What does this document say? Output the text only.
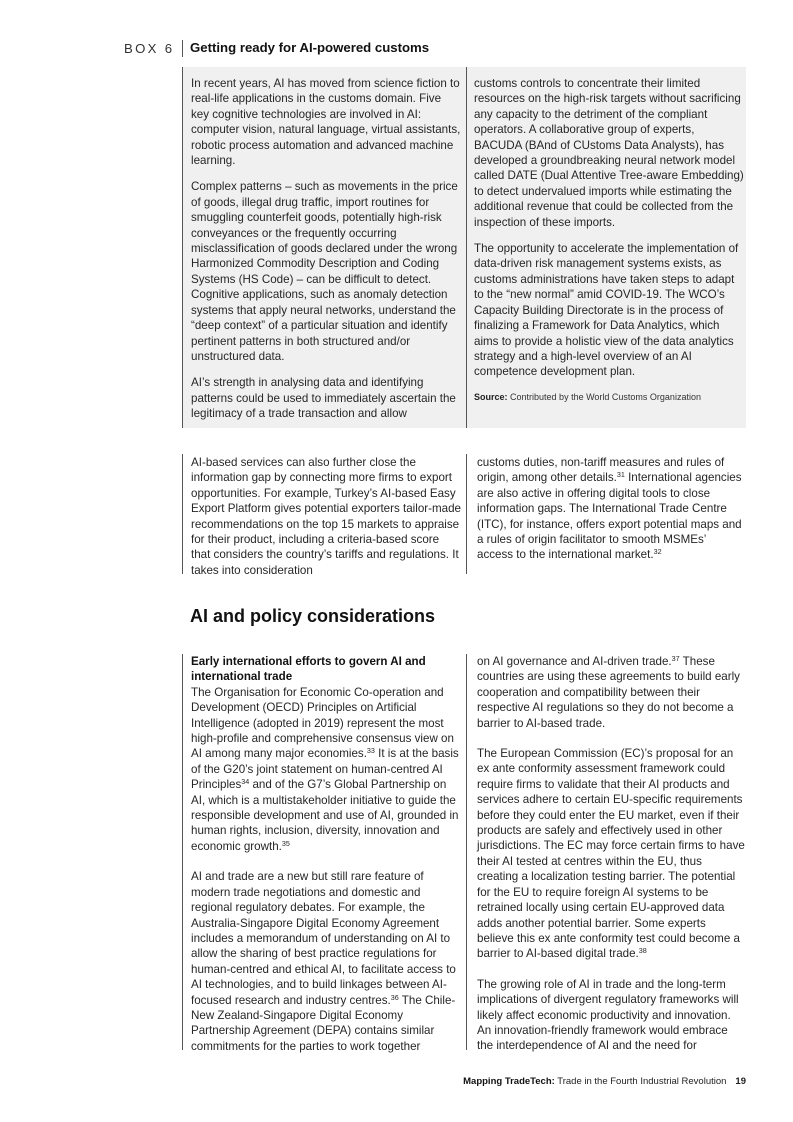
BOX 6 Getting ready for AI-powered customs

In recent years, AI has moved from science fiction to real-life applications in the customs domain. Five key cognitive technologies are involved in AI: computer vision, natural language, virtual assistants, robotic process automation and advanced machine learning.

Complex patterns – such as movements in the price of goods, illegal drug traffic, import routines for smuggling counterfeit goods, potentially high-risk conveyances or the frequently occurring misclassification of goods declared under the wrong Harmonized Commodity Description and Coding Systems (HS Code) – can be difficult to detect. Cognitive applications, such as anomaly detection systems that apply neural networks, understand the “deep context” of a particular situation and identify pertinent patterns in both structured and/or unstructured data.

AI’s strength in analysing data and identifying patterns could be used to immediately ascertain the legitimacy of a trade transaction and allow

customs controls to concentrate their limited resources on the high-risk targets without sacrificing any capacity to the detriment of the compliant operators. A collaborative group of experts, BACUDA (BAnd of CUstoms Data Analysts), has developed a groundbreaking neural network model called DATE (Dual Attentive Tree-aware Embedding) to detect undervalued imports while estimating the additional revenue that could be collected from the inspection of these imports.

The opportunity to accelerate the implementation of data-driven risk management systems exists, as customs administrations have taken steps to adapt to the “new normal” amid COVID-19. The WCO’s Capacity Building Directorate is in the process of finalizing a Framework for Data Analytics, which aims to provide a holistic view of the data analytics strategy and a high-level overview of an AI competence development plan.

Source: Contributed by the World Customs Organization

AI-based services can also further close the information gap by connecting more firms to export opportunities. For example, Turkey’s AI-based Easy Export Platform gives potential exporters tailor-made recommendations on the top 15 markets to appraise for their product, including a criteria-based score that considers the country’s tariffs and regulations. It takes into consideration

customs duties, non-tariff measures and rules of origin, among other details.$^{31}$ International agencies are also active in offering digital tools to close information gaps. The International Trade Centre (ITC), for instance, offers export potential maps and a rules of origin facilitator to smooth MSMEs’ access to the international market.$^{32}$

AI and policy considerations

Early international efforts to govern AI and international trade

The Organisation for Economic Co-operation and Development (OECD) Principles on Artificial Intelligence (adopted in 2019) represent the most high-profile and comprehensive consensus view on AI among many major economies.$^{33}$ It is at the basis of the G20’s joint statement on human-centred AI Principles$^{34}$ and of the G7’s Global Partnership on AI, which is a multistakeholder initiative to guide the responsible development and use of AI, grounded in human rights, inclusion, diversity, innovation and economic growth.$^{35}$

AI and trade are a new but still rare feature of modern trade negotiations and domestic and regional regulatory debates. For example, the Australia-Singapore Digital Economy Agreement includes a memorandum of understanding on AI to allow the sharing of best practice regulations for human-centred and ethical AI, to facilitate access to AI technologies, and to build linkages between AI-focused research and industry centres.$^{36}$ The Chile-New Zealand-Singapore Digital Economy Partnership Agreement (DEPA) contains similar commitments for the parties to work together

on AI governance and AI-driven trade.$^{37}$ These countries are using these agreements to build early cooperation and compatibility between their respective AI regulations so they do not become a barrier to AI-based trade.

The European Commission (EC)’s proposal for an ex ante conformity assessment framework could require firms to validate that their AI products and services adhere to certain EU-specific requirements before they could enter the EU market, even if their products are safely and effectively used in other jurisdictions. The EC may force certain firms to have their AI tested at centres within the EU, thus creating a localization testing barrier. The potential for the EU to require foreign AI systems to be retrained locally using certain EU-approved data adds another potential barrier. Some experts believe this ex ante conformity test could become a barrier to AI-based digital trade.$^{38}$

The growing role of AI in trade and the long-term implications of divergent regulatory frameworks will likely affect economic productivity and innovation. An innovation-friendly framework would embrace the interdependence of AI and the need for

Mapping TradeTech: Trade in the Fourth Industrial Revolution 19
